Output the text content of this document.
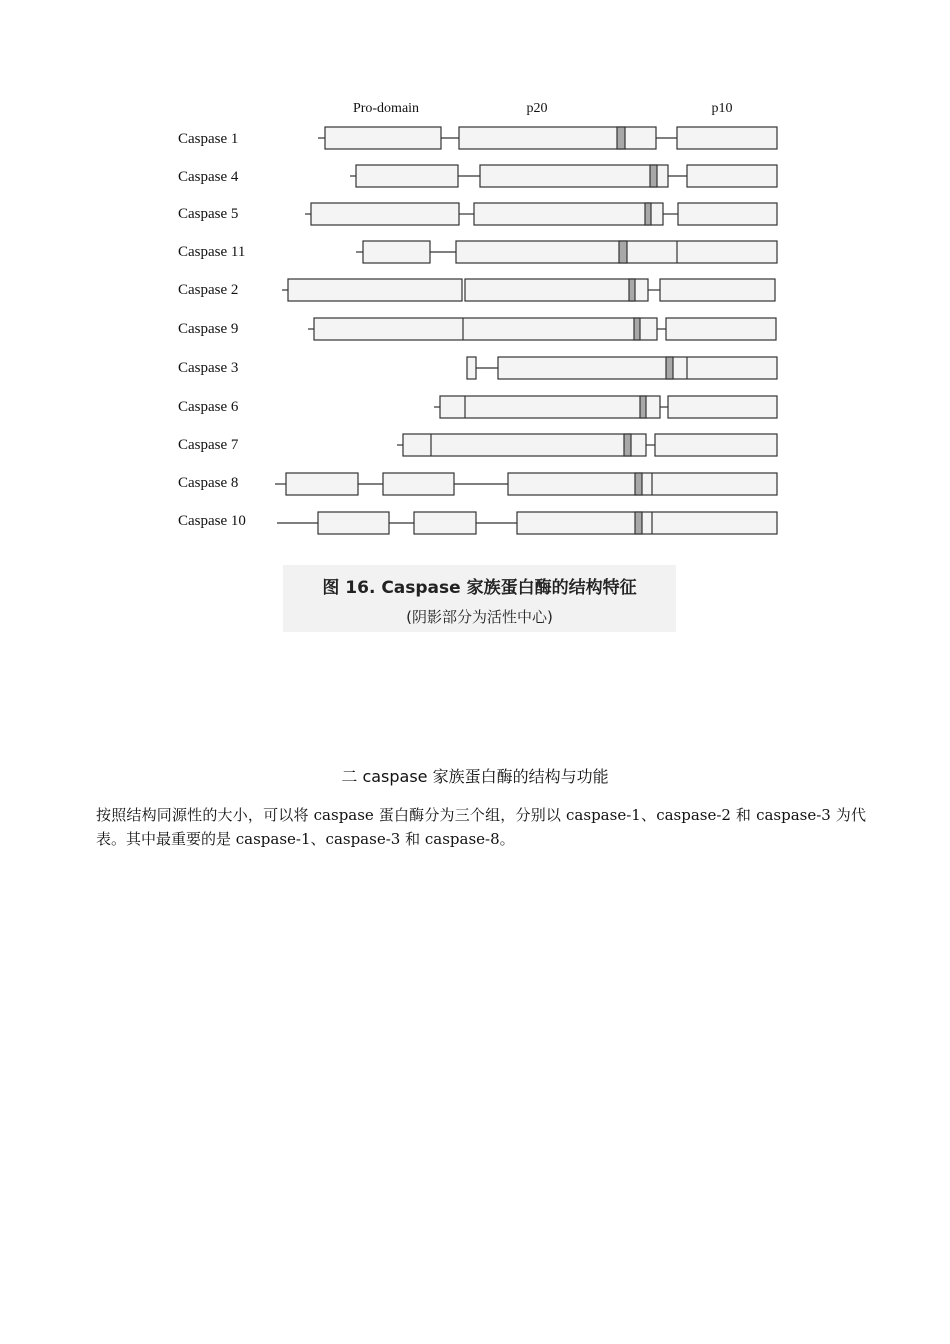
Pro-domain	p20	p10
Caspase 1
Caspase 4
Caspase 5
Caspase 11
Caspase 2
Caspase 9
Caspase 3
Caspase 6
Caspase 7
Caspase 8
Caspase 10
图 16. Caspase 家族蛋白酶的结构特征
(阴影部分为活性中心)
二 caspase 家族蛋白酶的结构与功能
按照结构同源性的大小，可以将 caspase 蛋白酶分为三个组，分别以 caspase-1、caspase-2 和 caspase-3 为代表。其中最重要的是 caspase-1、caspase-3 和 caspase-8。
